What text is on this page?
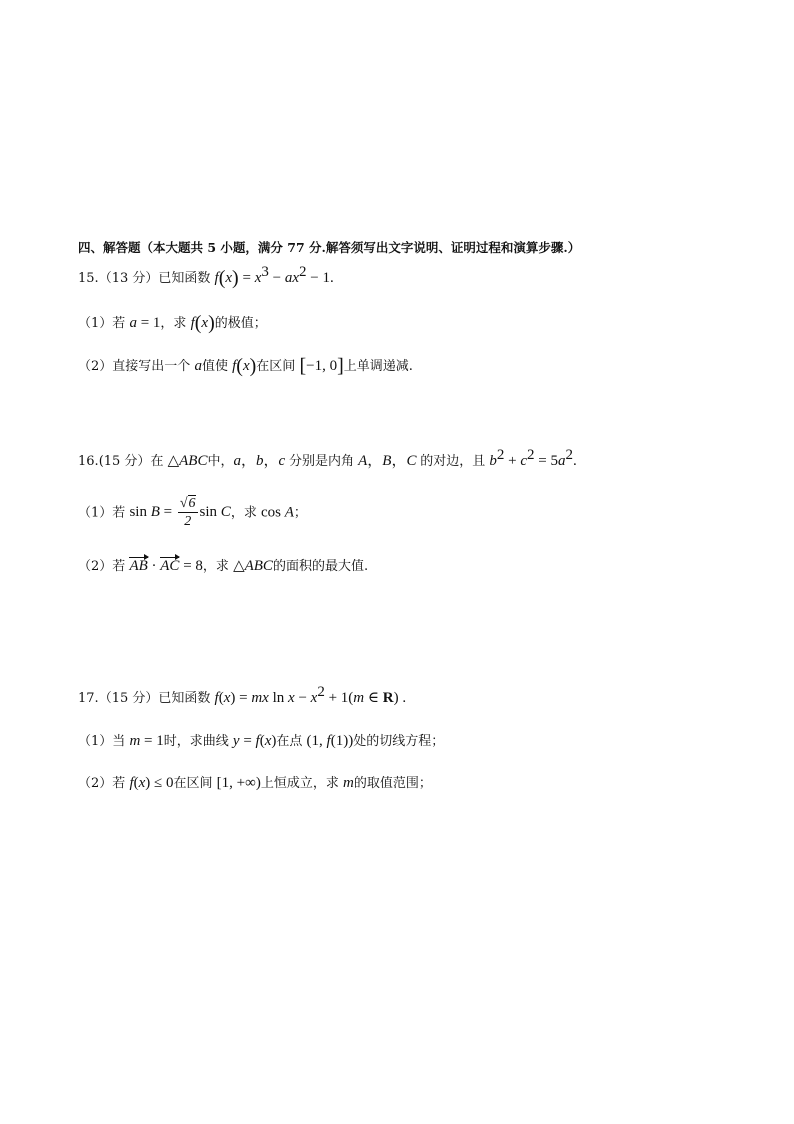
四、解答题（本大题共 5 小题，满分 77 分.解答须写出文字说明、证明过程和演算步骤.）
15.（13 分）已知函数 $f(x) = x^3 - ax^2 - 1$.
（1）若 a = 1，求 f(x)的极值；
（2）直接写出一个 a值使 f(x)在区间 [−1, 0]上单调递减.
16.(15 分）在 △ABC中，a，b，c 分别是内角 A，B，C 的对边，且 $b^2 + c^2 = 5a^2$.
（1）若 $\sin B = \frac{√6}{2}$ sin C，求 cos A；
（2）若 AB · AC = 8，求 △ABC的面积的最大值.
17.（15 分）已知函数 f(x) = mx $\ln x - x^2 + 1(m$ ∈ R) .
（1）当 m = 1时，求曲线 y = f(x)在点 (1, f(1))处的切线方程；
（2）若 f(x) ≤ 0在区间 [1, +∞)上恒成立，求 m的取值范围；
